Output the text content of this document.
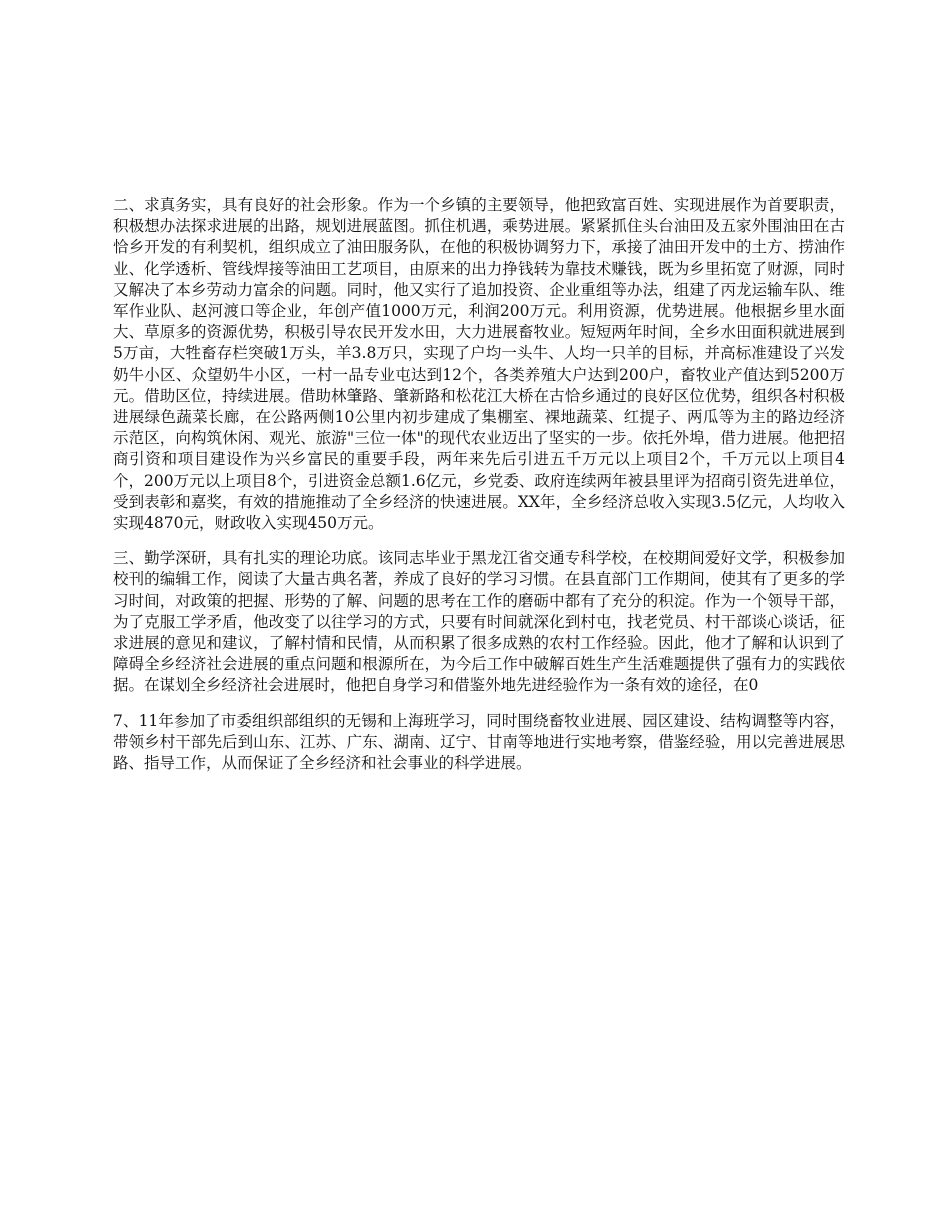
二、求真务实，具有良好的社会形象。作为一个乡镇的主要领导，他把致富百姓、实现进展作为首要职责，积极想办法探求进展的出路，规划进展蓝图。抓住机遇，乘势进展。紧紧抓住头台油田及五家外围油田在古恰乡开发的有利契机，组织成立了油田服务队，在他的积极协调努力下，承接了油田开发中的土方、捞油作业、化学透析、管线焊接等油田工艺项目，由原来的出力挣钱转为靠技术赚钱，既为乡里拓宽了财源，同时又解决了本乡劳动力富余的问题。同时，他又实行了追加投资、企业重组等办法，组建了丙龙运输车队、维军作业队、赵河渡口等企业，年创产值1000万元，利润200万元。利用资源，优势进展。他根据乡里水面大、草原多的资源优势，积极引导农民开发水田，大力进展畜牧业。短短两年时间，全乡水田面积就进展到5万亩，大牲畜存栏突破1万头，羊3.8万只，实现了户均一头牛、人均一只羊的目标，并高标准建设了兴发奶牛小区、众望奶牛小区，一村一品专业屯达到12个，各类养殖大户达到200户，畜牧业产值达到5200万元。借助区位，持续进展。借助林肇路、肇新路和松花江大桥在古恰乡通过的良好区位优势，组织各村积极进展绿色蔬菜长廊，在公路两侧10公里内初步建成了集棚室、裸地蔬菜、红提子、两瓜等为主的路边经济示范区，向构筑休闲、观光、旅游"三位一体"的现代农业迈出了坚实的一步。依托外埠，借力进展。他把招商引资和项目建设作为兴乡富民的重要手段，两年来先后引进五千万元以上项目2个，千万元以上项目4个，200万元以上项目8个，引进资金总额1.6亿元，乡党委、政府连续两年被县里评为招商引资先进单位，受到表彰和嘉奖，有效的措施推动了全乡经济的快速进展。XX年，全乡经济总收入实现3.5亿元，人均收入实现4870元，财政收入实现450万元。

三、勤学深研，具有扎实的理论功底。该同志毕业于黑龙江省交通专科学校，在校期间爱好文学，积极参加校刊的编辑工作，阅读了大量古典名著，养成了良好的学习习惯。在县直部门工作期间，使其有了更多的学习时间，对政策的把握、形势的了解、问题的思考在工作的磨砺中都有了充分的积淀。作为一个领导干部，为了克服工学矛盾，他改变了以往学习的方式，只要有时间就深化到村屯，找老党员、村干部谈心谈话，征求进展的意见和建议，了解村情和民情，从而积累了很多成熟的农村工作经验。因此，他才了解和认识到了障碍全乡经济社会进展的重点问题和根源所在，为今后工作中破解百姓生产生活难题提供了强有力的实践依据。在谋划全乡经济社会进展时，他把自身学习和借鉴外地先进经验作为一条有效的途径，在0

7、11年参加了市委组织部组织的无锡和上海班学习，同时围绕畜牧业进展、园区建设、结构调整等内容，带领乡村干部先后到山东、江苏、广东、湖南、辽宁、甘南等地进行实地考察，借鉴经验，用以完善进展思路、指导工作，从而保证了全乡经济和社会事业的科学进展。
